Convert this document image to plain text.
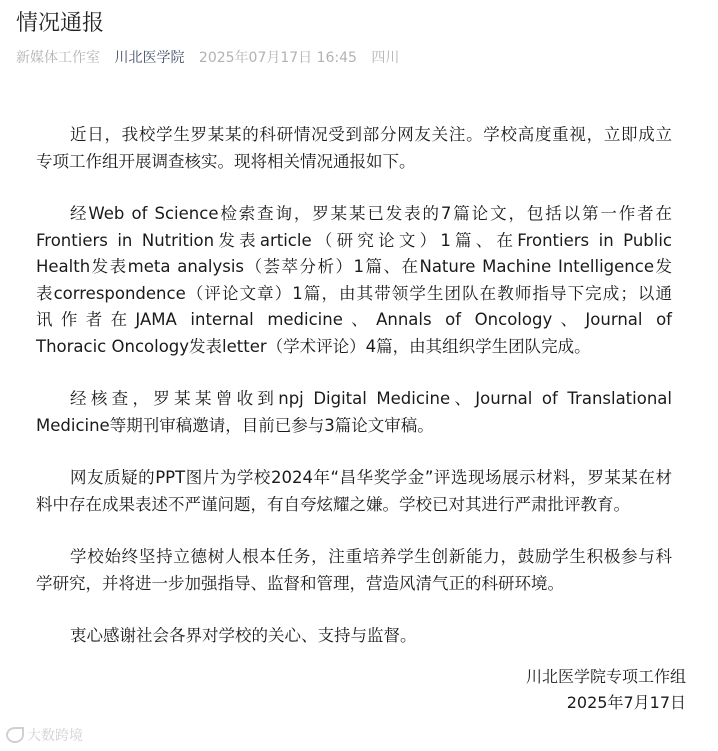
情况通报
新媒体工作室 川北医学院 2025年07月17日 16:45 四川

近日，我校学生罗某某的科研情况受到部分网友关注。学校高度重视，立即成立
专项工作组开展调查核实。现将相关情况通报如下。

经Web of Science检索查询，罗某某已发表的7篇论文，包括以第一作者在
Frontiers in Nutrition发表article（研究论文）1篇、在Frontiers in Public
Health发表meta analysis（荟萃分析）1篇、在Nature Machine Intelligence发
表correspondence（评论文章）1篇，由其带领学生团队在教师指导下完成；以通
讯作者在JAMA internal medicine、Annals of Oncology、Journal of
Thoracic Oncology发表letter（学术评论）4篇，由其组织学生团队完成。

经核查，罗某某曾收到npj Digital Medicine、Journal of Translational
Medicine等期刊审稿邀请，目前已参与3篇论文审稿。

网友质疑的PPT图片为学校2024年“昌华奖学金”评选现场展示材料，罗某某在材
料中存在成果表述不严谨问题，有自夸炫耀之嫌。学校已对其进行严肃批评教育。

学校始终坚持立德树人根本任务，注重培养学生创新能力，鼓励学生积极参与科
学研究，并将进一步加强指导、监督和管理，营造风清气正的科研环境。

衷心感谢社会各界对学校的关心、支持与监督。

川北医学院专项工作组
2025年7月17日
大数跨境
